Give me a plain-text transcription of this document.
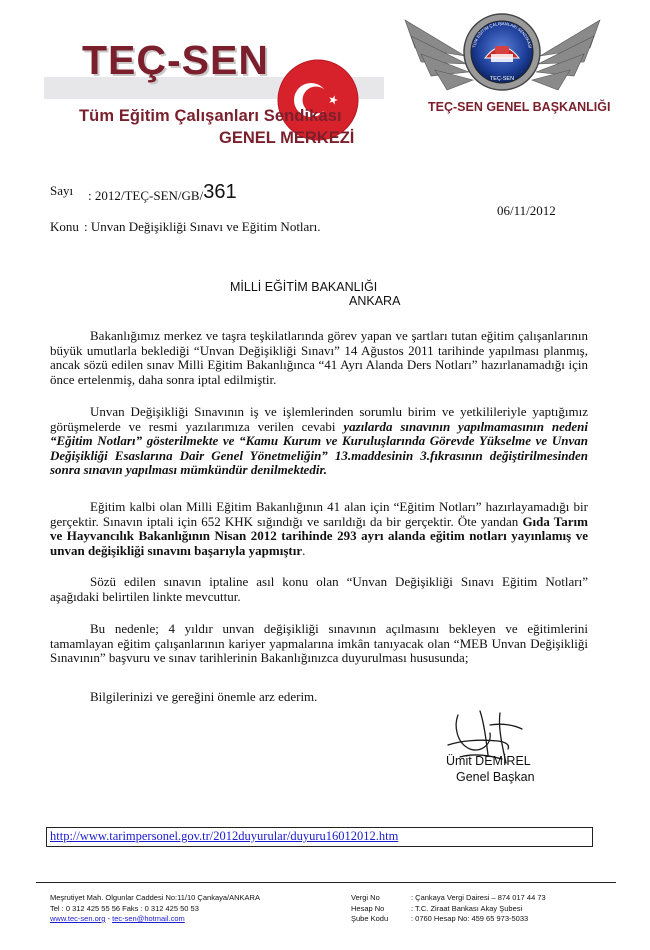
TEÇ-SEN
Tüm Eğitim Çalışanları Sendikası
GENEL MERKEZİ
TEÇ-SEN
TÜM EĞİTİM ÇALIŞANLARI SENDİKASI
TEÇ-SEN GENEL BAŞKANLIĞI
Sayı : 2012/TEÇ-SEN/GB/361
06/11/2012
Konu : Unvan Değişikliği Sınavı ve Eğitim Notları.
MİLLİ EĞİTİM BAKANLIĞI
ANKARA
Bakanlığımız merkez ve taşra teşkilatlarında görev yapan ve şartları tutan eğitim çalışanlarının büyük umutlarla beklediği “Unvan Değişikliği Sınavı” 14 Ağustos 2011 tarihinde yapılması planmış, ancak sözü edilen sınav Milli Eğitim Bakanlığınca “41 Ayrı Alanda Ders Notları” hazırlanamadığı için önce ertelenmiş, daha sonra iptal edilmiştir.
Unvan Değişikliği Sınavının iş ve işlemlerinden sorumlu birim ve yetkilileriyle yaptığımız görüşmelerde ve resmi yazılarımıza verilen cevabi yazılarda sınavının yapılmamasının nedeni “Eğitim Notları” gösterilmekte ve “Kamu Kurum ve Kuruluşlarında Görevde Yükselme ve Unvan Değişikliği Esaslarına Dair Genel Yönetmeliğin” 13.maddesinin 3.fıkrasının değiştirilmesinden sonra sınavın yapılması mümkündür denilmektedir.
Eğitim kalbi olan Milli Eğitim Bakanlığının 41 alan için “Eğitim Notları” hazırlayamadığı bir gerçektir. Sınavın iptali için 652 KHK sığındığı ve sarıldığı da bir gerçektir. Öte yandan Gıda Tarım ve Hayvancılık Bakanlığının Nisan 2012 tarihinde 293 ayrı alanda eğitim notları yayınlamış ve unvan değişikliği sınavını başarıyla yapmıştır.
Sözü edilen sınavın iptaline asıl konu olan “Unvan Değişikliği Sınavı Eğitim Notları” aşağıdaki belirtilen linkte mevcuttur.
Bu nedenle; 4 yıldır unvan değişikliği sınavının açılmasını bekleyen ve eğitimlerini tamamlayan eğitim çalışanlarının kariyer yapmalarına imkân tanıyacak olan “MEB Unvan Değişikliği Sınavının” başvuru ve sınav tarihlerinin Bakanlığınızca duyurulması hususunda;
Bilgilerinizi ve gereğini önemle arz ederim.
Ümit DEMİREL
Genel Başkan
http://www.tarimpersonel.gov.tr/2012duyurular/duyuru16012012.htm
Meşrutiyet Mah. Olgunlar Caddesi No:11/10 Çankaya/ANKARA
Tel : 0 312 425 55 56 Faks : 0 312 425 50 53
www.tec-sen.org - tec-sen@hotmail.com
Vergi No	: Çankaya Vergi Dairesi – 874 017 44 73
Hesap No	: T.C. Ziraat Bankası Akay Şubesi
Şube Kodu	: 0760 Hesap No: 459 65 973-5033
